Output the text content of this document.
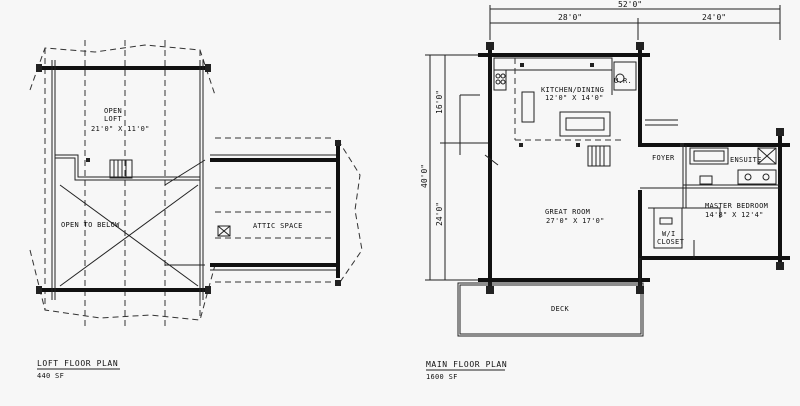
OPEN
LOFT
21'0" X 11'0"
OPEN TO BELOW	ATTIC SPACE
LOFT FLOOR PLAN
440 SF
52'0"
28'0"	24'0"
40'0"
16'0"
24'0"
KITCHEN/DINING
12'0" X 14'0"
U.R.
GREAT ROOM
27'0" X 17'0"
FOYER	ENSUITE
MASTER BEDROOM
14'8" X 12'4"
W/I
CLOSET
DECK
MAIN FLOOR PLAN
1600 SF
